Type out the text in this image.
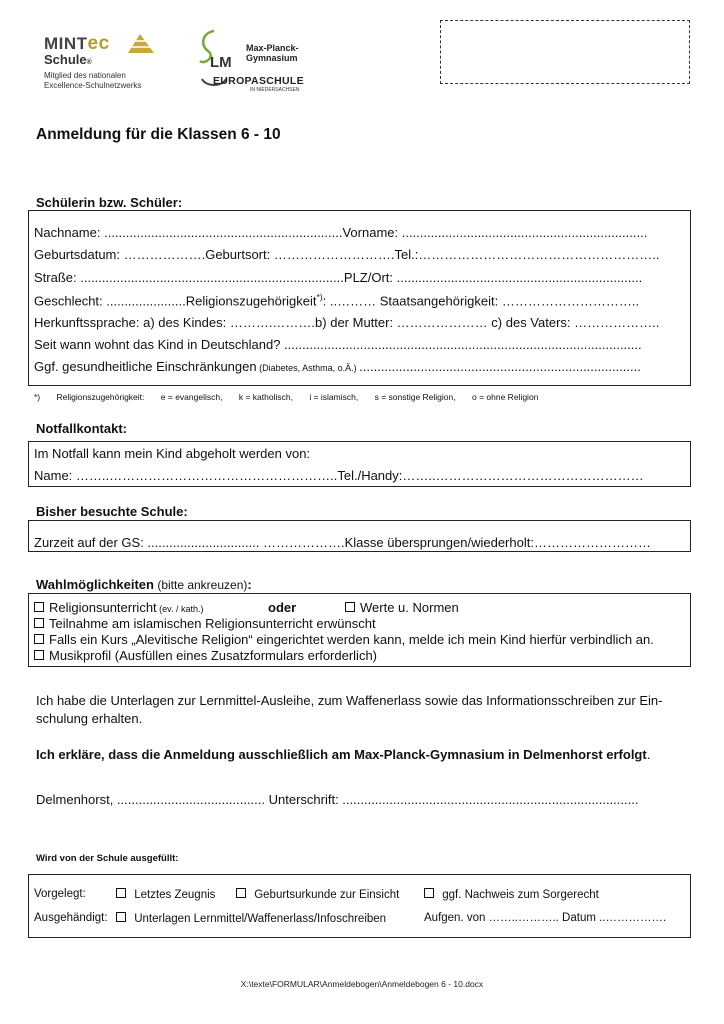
MINTec
Schule®
Mitglied des nationalen
Excellence-Schulnetzwerks
LM
Max-Planck-
Gymnasium
EUROPASCHULE
IN NIEDERSACHSEN
Anmeldung für die Klassen 6 - 10
Schülerin bzw. Schüler:
Nachname: ..................................................................Vorname: ....................................................................
Geburtsdatum: ……………….Geburtsort: ……………………….Tel.:………………………………………………..
Straße: .........................................................................PLZ/Ort: ....................................................................
Geschlecht: ......................Religionszugehörigkeit*): ..……… Staatsangehörigkeit: …………………………..
Herkunftssprache: a) des Kindes: ……….……….b) der Mutter: ………………… c) des Vaters: ………………..
Seit wann wohnt das Kind in Deutschland? ...................................................................................................
Ggf. gesundheitliche Einschränkungen (Diabetes, Asthma, o.Ä.) ..............................................................................
*) Religionszugehörigkeit: e = evangelisch, k = katholisch, i = islamisch, s = sonstige Religion, o = ohne Religion
Notfallkontakt:
Im Notfall kann mein Kind abgeholt werden von:
Name: ……..……………………………………………..Tel./Handy:……..…………………………………………
Bisher besuchte Schule:
Zurzeit auf der GS: ............................... ……………….Klasse übersprungen/wiederholt:………………………
Wahlmöglichkeiten (bitte ankreuzen):
Religionsunterricht (ev. / kath.)	oder	Werte u. Normen
Teilnahme am islamischen Religionsunterricht erwünscht
Falls ein Kurs „Alevitische Religion“ eingerichtet werden kann, melde ich mein Kind hierfür verbindlich an.
Musikprofil (Ausfüllen eines Zusatzformulars erforderlich)
Ich habe die Unterlagen zur Lernmittel-Ausleihe, zum Waffenerlass sowie das Informationsschreiben zur Ein-schulung erhalten.
Ich erkläre, dass die Anmeldung ausschließlich am Max-Planck-Gymnasium in Delmenhorst erfolgt.
Delmenhorst, ......................................... Unterschrift: ..................................................................................
Wird von der Schule ausgefüllt:
Vorgelegt:	Letztes Zeugnis	Geburtsurkunde zur Einsicht	ggf. Nachweis zum Sorgerecht
Ausgehändigt:	Unterlagen Lernmittel/Waffenerlass/Infoschreiben	Aufgen. von ……..……….. Datum ..…………….
X:\texte\FORMULAR\Anmeldebogen\Anmeldebogen 6 - 10.docx
